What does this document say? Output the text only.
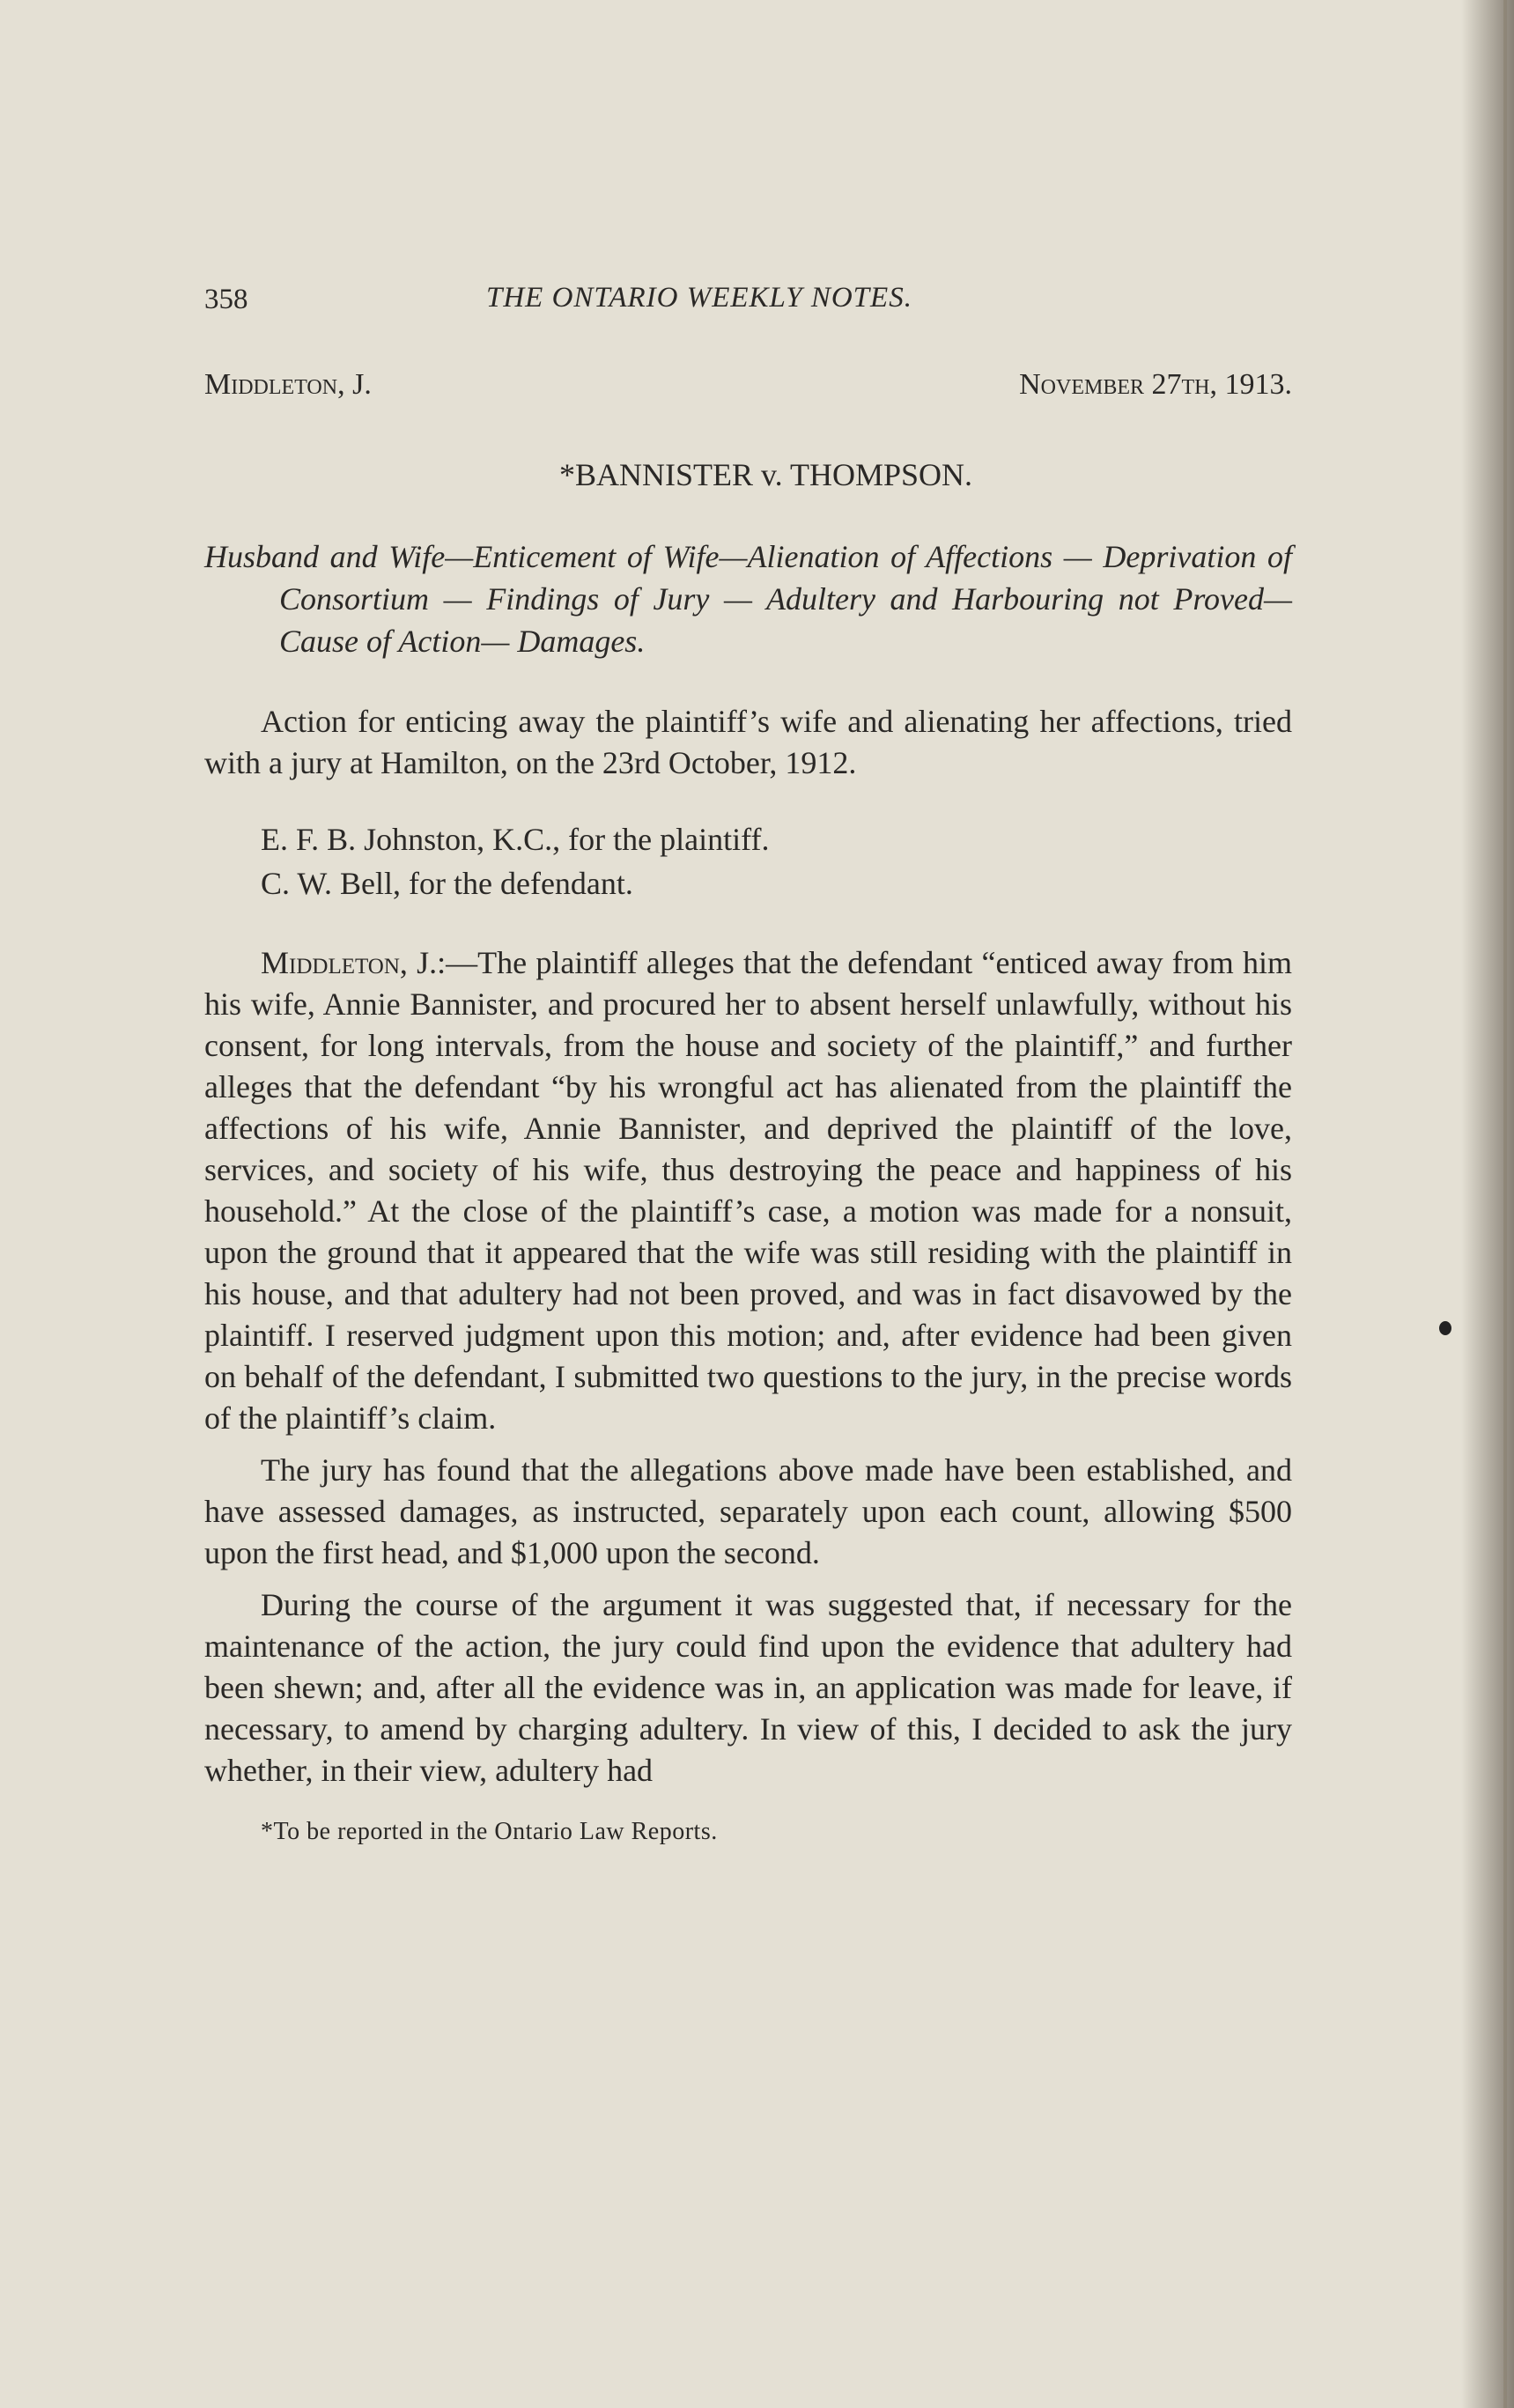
358	THE ONTARIO WEEKLY NOTES.
Middleton, J.	November 27th, 1913.
*BANNISTER v. THOMPSON.
Husband and Wife—Enticement of Wife—Alienation of Affections — Deprivation of Consortium — Findings of Jury — Adultery and Harbouring not Proved—Cause of Action— Damages.

Action for enticing away the plaintiff’s wife and alienating her affections, tried with a jury at Hamilton, on the 23rd October, 1912.

E. F. B. Johnston, K.C., for the plaintiff.
C. W. Bell, for the defendant.

Middleton, J.:—The plaintiff alleges that the defendant “enticed away from him his wife, Annie Bannister, and procured her to absent herself unlawfully, without his consent, for long intervals, from the house and society of the plaintiff,” and further alleges that the defendant “by his wrongful act has alienated from the plaintiff the affections of his wife, Annie Bannister, and deprived the plaintiff of the love, services, and society of his wife, thus destroying the peace and happiness of his household.” At the close of the plaintiff’s case, a motion was made for a nonsuit, upon the ground that it appeared that the wife was still residing with the plaintiff in his house, and that adultery had not been proved, and was in fact disavowed by the plaintiff. I reserved judgment upon this motion; and, after evidence had been given on behalf of the defendant, I submitted two questions to the jury, in the precise words of the plaintiff’s claim.

The jury has found that the allegations above made have been established, and have assessed damages, as instructed, separately upon each count, allowing $500 upon the first head, and $1,000 upon the second.

During the course of the argument it was suggested that, if necessary for the maintenance of the action, the jury could find upon the evidence that adultery had been shewn; and, after all the evidence was in, an application was made for leave, if necessary, to amend by charging adultery. In view of this, I decided to ask the jury whether, in their view, adultery had

*To be reported in the Ontario Law Reports.
